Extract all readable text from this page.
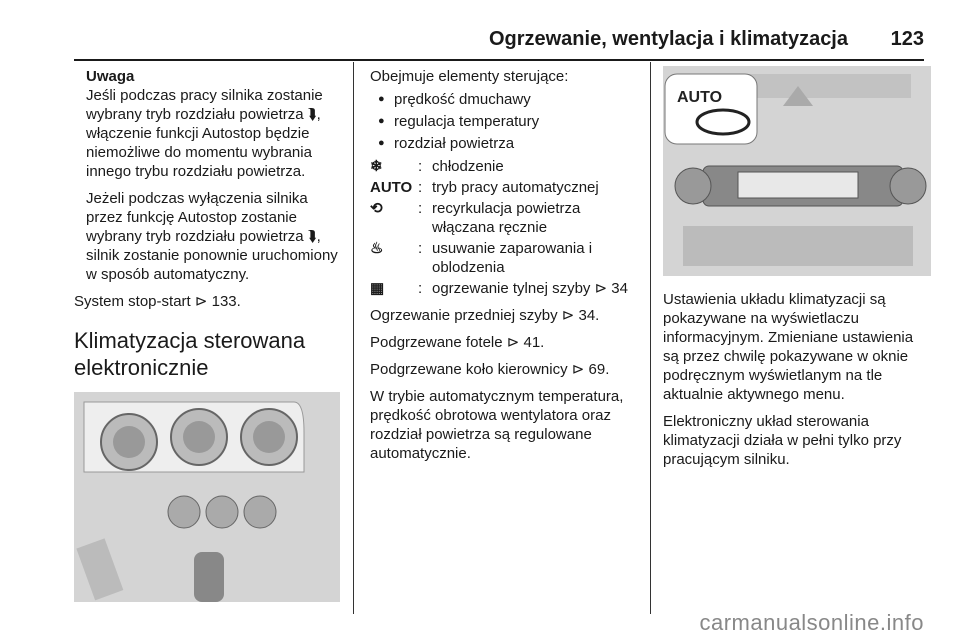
Ogrzewanie, wentylacja i klimatyzacja 123
Uwaga

Jeśli podczas pracy silnika zostanie wybrany tryb rozdziału powietrza ⮯, włączenie funkcji Autostop będzie niemożliwe do momentu wybrania innego trybu rozdziału powietrza.

Jeżeli podczas wyłączenia silnika przez funkcję Autostop zostanie wybrany tryb rozdziału powietrza ⮯, silnik zostanie ponownie uruchomiony w sposób automatyczny.

System stop-start ⊳ 133.

Klimatyzacja sterowana elektronicznie

Obejmuje elementy sterujące:

● prędkość dmuchawy
● regulacja temperatury
● rozdział powietrza
❄	: chłodzenie
AUTO : tryb pracy automatycznej
⟲	: recyrkulacja powietrza włączana ręcznie
♨	: usuwanie zaparowania i oblodzenia
▦	: ogrzewanie tylnej szyby ⊳ 34

Ogrzewanie przedniej szyby ⊳ 34.

Podgrzewane fotele ⊳ 41.

Podgrzewane koło kierownicy ⊳ 69.

W trybie automatycznym temperatura, prędkość obrotowa wentylatora oraz rozdział powietrza są regulowane automatycznie.

AUTO

Ustawienia układu klimatyzacji są pokazywane na wyświetlaczu informacyjnym. Zmieniane ustawienia są przez chwilę pokazywane w oknie podręcznym wyświetlanym na tle aktualnie aktywnego menu.

Elektroniczny układ sterowania klimatyzacji działa w pełni tylko przy pracującym silniku.

carmanualsonline.info
